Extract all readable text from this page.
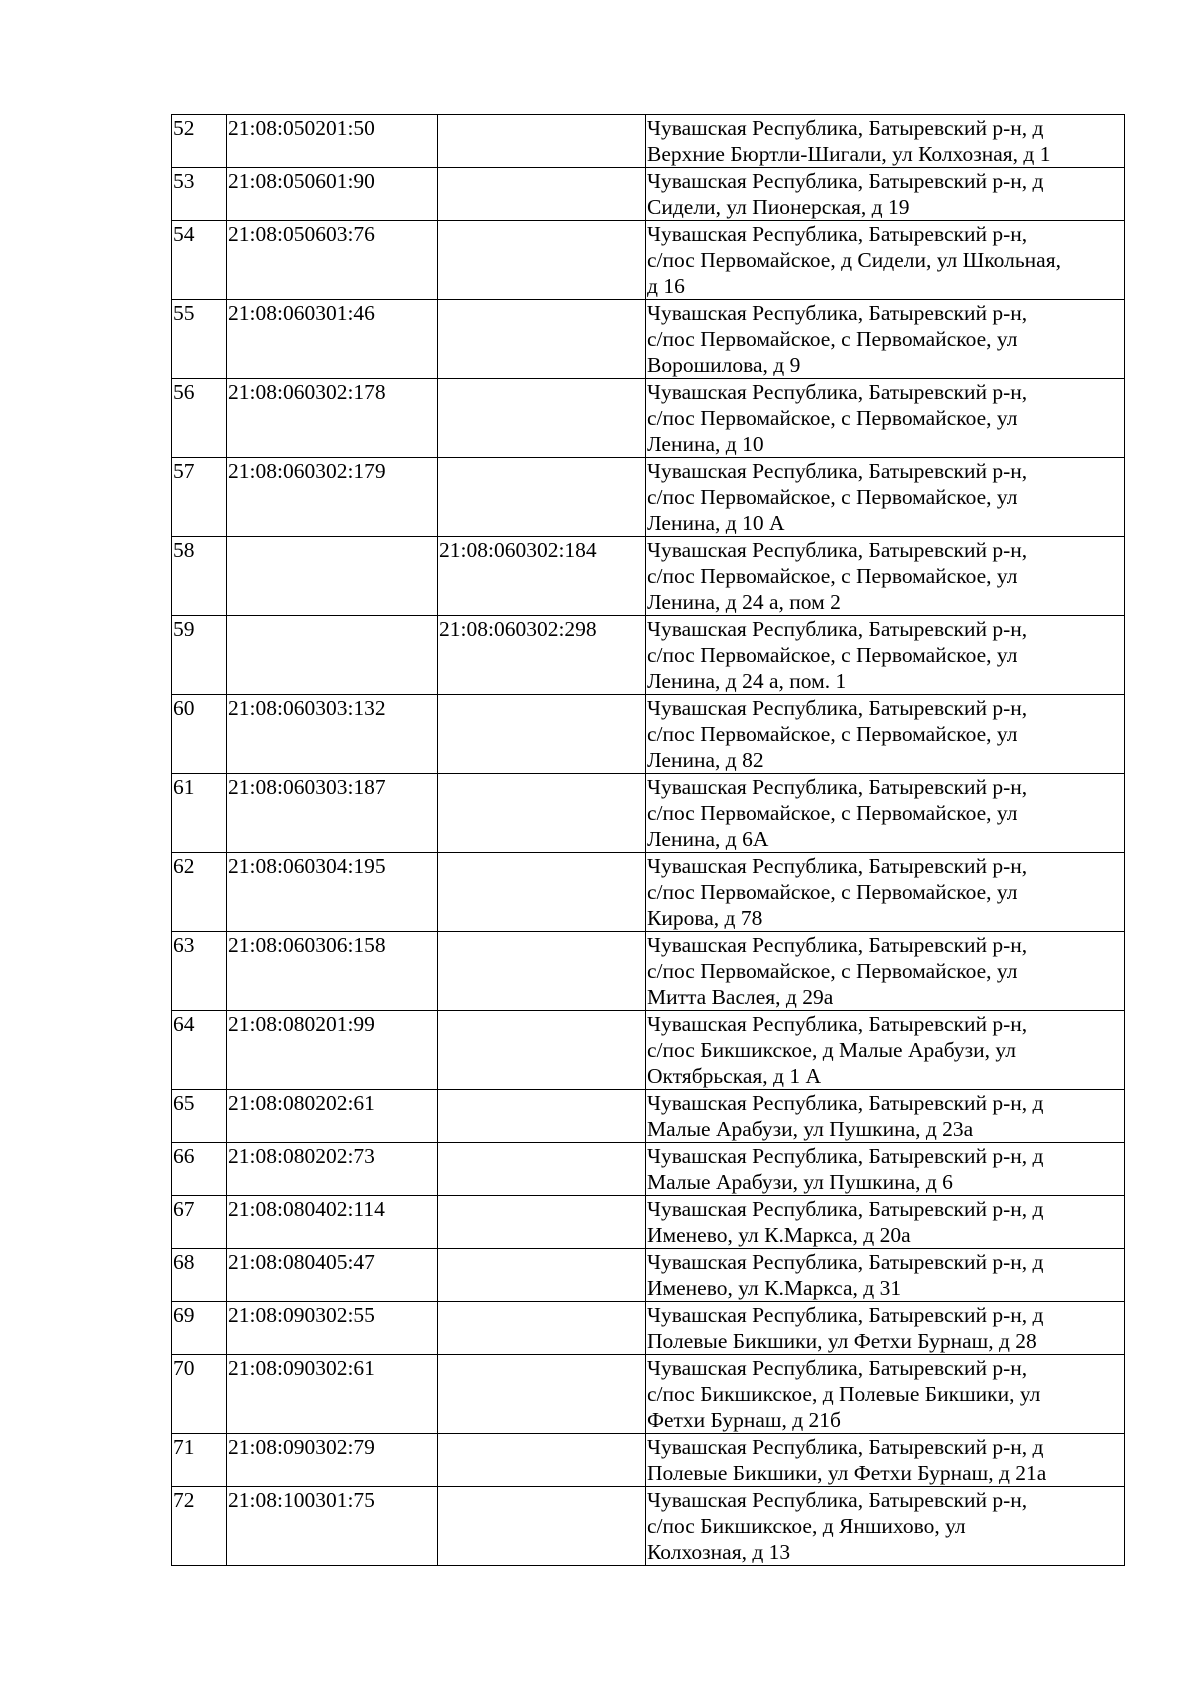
52	21:08:050201:50		Чувашская Республика, Батыревский р-н, д
Верхние Бюртли-Шигали, ул Колхозная, д 1
53	21:08:050601:90		Чувашская Республика, Батыревский р-н, д
Сидели, ул Пионерская, д 19
54	21:08:050603:76		Чувашская Республика, Батыревский р-н,
с/пос Первомайское, д Сидели, ул Школьная,
д 16
55	21:08:060301:46		Чувашская Республика, Батыревский р-н,
с/пос Первомайское, с Первомайское, ул
Ворошилова, д 9
56	21:08:060302:178		Чувашская Республика, Батыревский р-н,
с/пос Первомайское, с Первомайское, ул
Ленина, д 10
57	21:08:060302:179		Чувашская Республика, Батыревский р-н,
с/пос Первомайское, с Первомайское, ул
Ленина, д 10 А
58		21:08:060302:184	Чувашская Республика, Батыревский р-н,
с/пос Первомайское, с Первомайское, ул
Ленина, д 24 а, пом 2
59		21:08:060302:298	Чувашская Республика, Батыревский р-н,
с/пос Первомайское, с Первомайское, ул
Ленина, д 24 а, пом. 1
60	21:08:060303:132		Чувашская Республика, Батыревский р-н,
с/пос Первомайское, с Первомайское, ул
Ленина, д 82
61	21:08:060303:187		Чувашская Республика, Батыревский р-н,
с/пос Первомайское, с Первомайское, ул
Ленина, д 6А
62	21:08:060304:195		Чувашская Республика, Батыревский р-н,
с/пос Первомайское, с Первомайское, ул
Кирова, д 78
63	21:08:060306:158		Чувашская Республика, Батыревский р-н,
с/пос Первомайское, с Первомайское, ул
Митта Васлея, д 29а
64	21:08:080201:99		Чувашская Республика, Батыревский р-н,
с/пос Бикшикское, д Малые Арабузи, ул
Октябрьская, д 1 А
65	21:08:080202:61		Чувашская Республика, Батыревский р-н, д
Малые Арабузи, ул Пушкина, д 23а
66	21:08:080202:73		Чувашская Республика, Батыревский р-н, д
Малые Арабузи, ул Пушкина, д 6
67	21:08:080402:114		Чувашская Республика, Батыревский р-н, д
Именево, ул К.Маркса, д 20а
68	21:08:080405:47		Чувашская Республика, Батыревский р-н, д
Именево, ул К.Маркса, д 31
69	21:08:090302:55		Чувашская Республика, Батыревский р-н, д
Полевые Бикшики, ул Фетхи Бурнаш, д 28
70	21:08:090302:61		Чувашская Республика, Батыревский р-н,
с/пос Бикшикское, д Полевые Бикшики, ул
Фетхи Бурнаш, д 21б
71	21:08:090302:79		Чувашская Республика, Батыревский р-н, д
Полевые Бикшики, ул Фетхи Бурнаш, д 21а
72	21:08:100301:75		Чувашская Республика, Батыревский р-н,
с/пос Бикшикское, д Яншихово, ул
Колхозная, д 13
